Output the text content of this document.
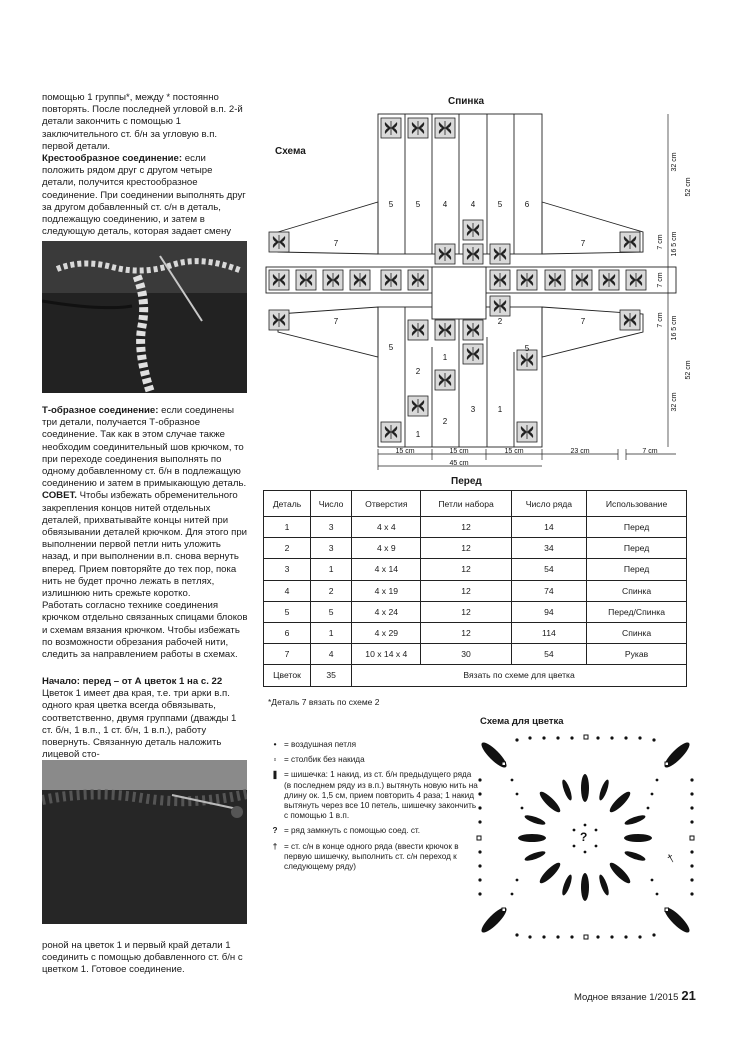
помощью 1 группы*, между * постоянно повторять. После последней угловой в.п. 2-й детали закончить с помощью 1 заключительного ст. б/н за угловую в.п. первой детали.

Крестообразное соединение: если положить рядом друг с другом четыре детали, получится крестообразное соединение. При соединении выполнять друг за другом добавленный ст. с/н в деталь, подлежащую соединению, и затем в следующую деталь, которая задает смену

Т-образное соединение: если соединены три детали, получается Т-образное соединение. Так как в этом случае также необходим соединительный шов крючком, то при переходе соединения выполнять по одному добавленному ст. б/н в подлежащую соединению и затем в примыкающую деталь.

СОВЕТ. Чтобы избежать обременительного закрепления концов нитей отдельных деталей, прихватывайте концы нитей при обвязывании деталей крючком. Для этого при выполнении первой петли нить уложить назад, и при выполнении в.п. снова вернуть вперед. Прием повторяйте до тех пор, пока нить не будет прочно лежать в петлях, излишнюю нить срежьте коротко.

Работать согласно технике соединения крючком отдельно связанных спицами блоков и схемам вязания крючком. Чтобы избежать по возможности обрезания рабочей нити, следить за направлением работы в схемах.

Начало: перед – от А цветок 1 на с. 22

Цветок 1 имеет два края, т.е. три арки в.п. одного края цветка всегда обвязывать, соответственно, двумя группами (дважды 1 ст. б/н, 1 в.п., 1 ст. б/н, 1 в.п.), работу повернуть. Связанную деталь наложить лицевой сто-

роной на цветок 1 и первый край детали 1 соединить с помощью добавленного ст. б/н с цветком 1. Готовое соединение.

Спинка
Схема
Перед
5	5	4	4	5	6
7	7
7	7
5
2
1
2
3
2
1
1
5
15 cm	15 cm	15 cm	23 cm	7 cm
45 cm
32 cm
52 cm
7 cm 16 5 cm
7 cm
7 cm 16 5 cm
52 cm
32 cm
Деталь	Число	Отверстия	Петли набора	Число ряда	Использование
1	3	4 x 4	12	14	Перед
2	3	4 x 9	12	34	Перед
3	1	4 x 14	12	54	Перед
4	2	4 x 19	12	74	Спинка
5	5	4 x 24	12	94	Перед/Спинка
6	1	4 x 29	12	114	Спинка
7	4	10 x 14 x 4	30	54	Рукав
Цветок	35	Вязать по схеме для цветка			
*Деталь 7 вязать по схеме 2
• = воздушная петля
▫ = столбик без накида
❚ = шишечка: 1 накид, из ст. б/н предыдущего ряда (в последнем ряду из в.п.) вытянуть новую нить на длину ок. 1,5 см, прием повторить 4 раза; 1 накид вытянуть через все 10 петель, шишечку закончить с помощью 1 в.п.
? = ряд замкнуть с помощью соед. ст.
† = ст. с/н в конце одного ряда (ввести крючок в первую шишечку, выполнить ст. с/н переход к следующему ряду)
Схема для цветка
?
†
Модное вязание 1/2015 21
